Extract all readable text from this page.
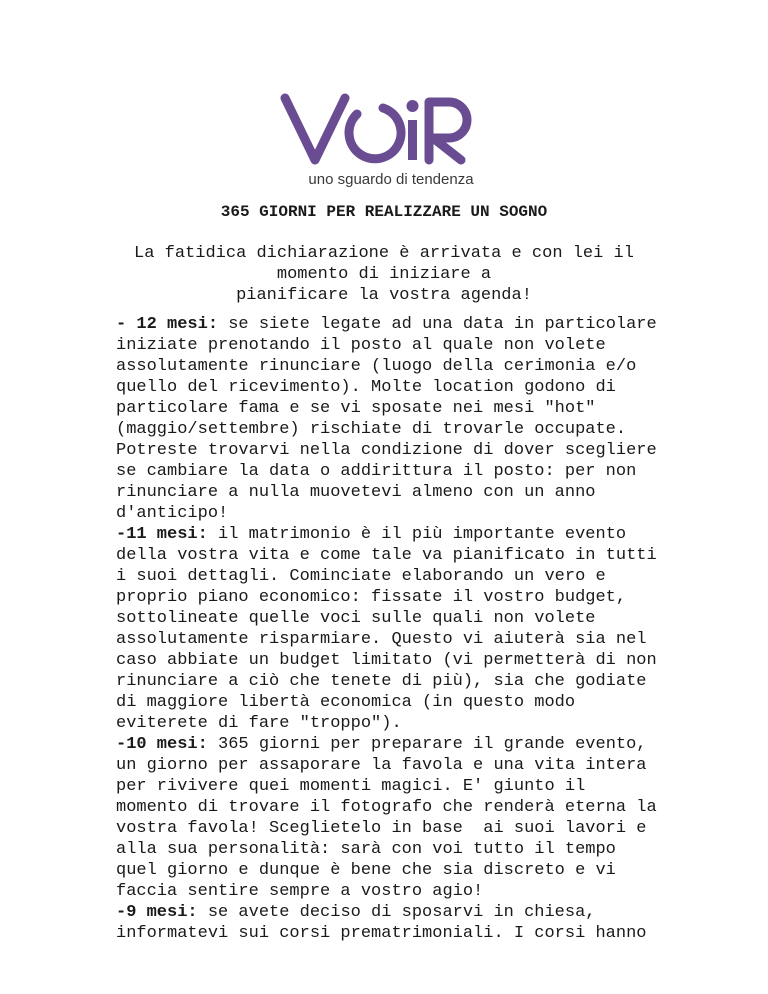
uno sguardo di tendenza
365 GIORNI PER REALIZZARE UN SOGNO
La fatidica dichiarazione è arrivata e con lei il
momento di iniziare a
pianificare la vostra agenda!
- 12 mesi: se siete legate ad una data in particolare
iniziate prenotando il posto al quale non volete
assolutamente rinunciare (luogo della cerimonia e/o
quello del ricevimento). Molte location godono di
particolare fama e se vi sposate nei mesi "hot"
(maggio/settembre) rischiate di trovarle occupate.
Potreste trovarvi nella condizione di dover scegliere
se cambiare la data o addirittura il posto: per non
rinunciare a nulla muovetevi almeno con un anno
d'anticipo!
-11 mesi: il matrimonio è il più importante evento
della vostra vita e come tale va pianificato in tutti
i suoi dettagli. Cominciate elaborando un vero e
proprio piano economico: fissate il vostro budget,
sottolineate quelle voci sulle quali non volete
assolutamente risparmiare. Questo vi aiuterà sia nel
caso abbiate un budget limitato (vi permetterà di non
rinunciare a ciò che tenete di più), sia che godiate
di maggiore libertà economica (in questo modo
eviterete di fare "troppo").
-10 mesi: 365 giorni per preparare il grande evento,
un giorno per assaporare la favola e una vita intera
per rivivere quei momenti magici. E' giunto il
momento di trovare il fotografo che renderà eterna la
vostra favola! Sceglietelo in base  ai suoi lavori e
alla sua personalità: sarà con voi tutto il tempo
quel giorno e dunque è bene che sia discreto e vi
faccia sentire sempre a vostro agio!
-9 mesi: se avete deciso di sposarvi in chiesa,
informatevi sui corsi prematrimoniali. I corsi hanno
